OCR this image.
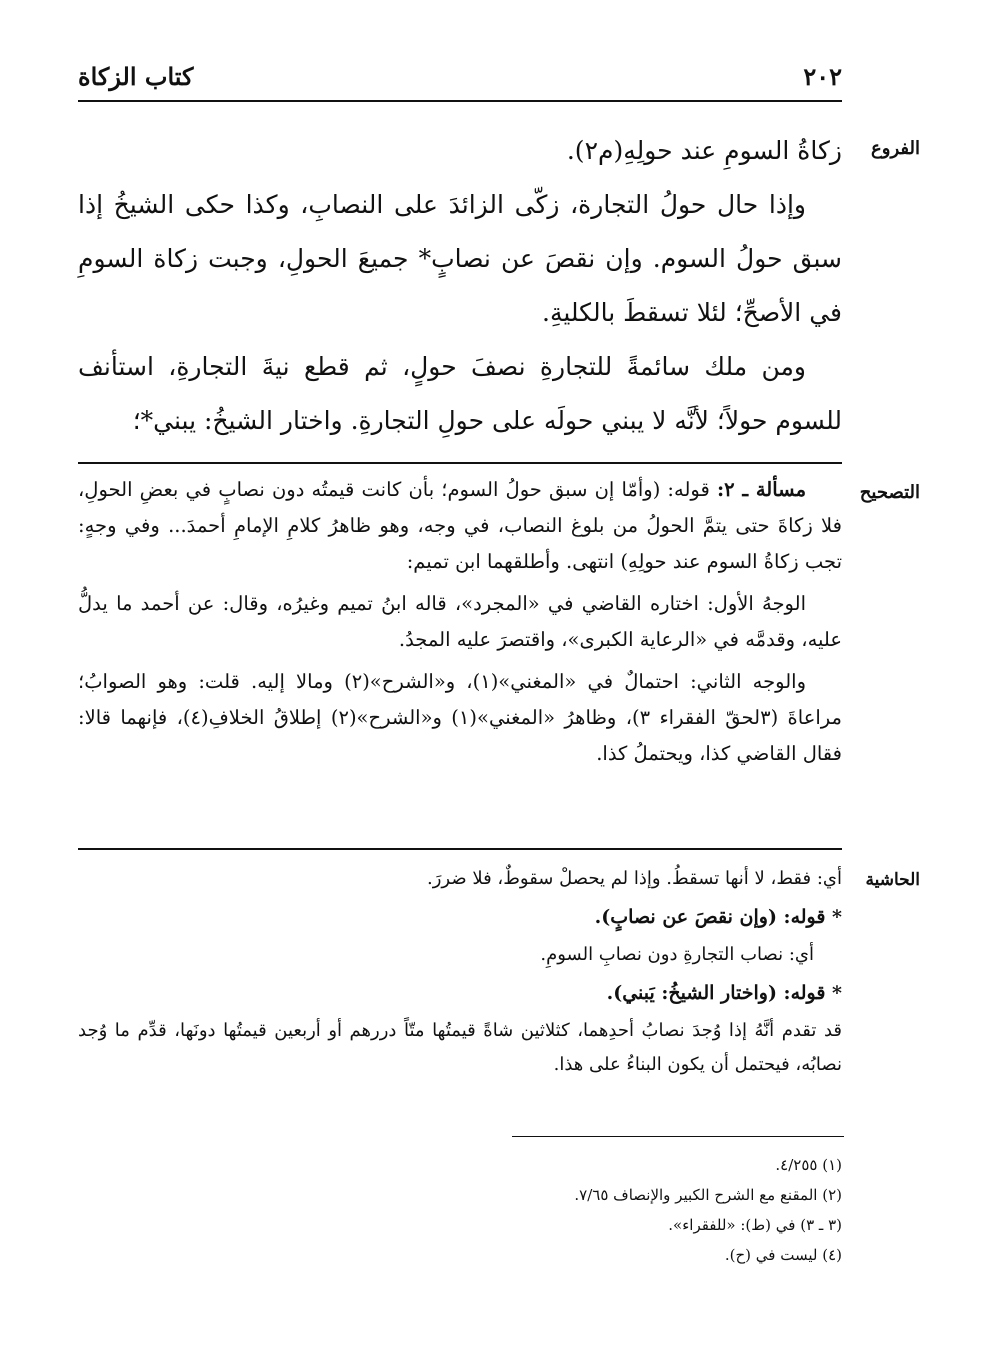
٢٠٢
كتاب الزكاة
الفروع

زكاةُ السومِ عند حولِهِ(م٢).

وإذا حال حولُ التجارة، زكّى الزائدَ على النصابِ، وكذا حكى الشيخُ إذا سبق حولُ السوم. وإن نقصَ عن نصابٍ* جميعَ الحولِ، وجبت زكاة السومِ في الأصحِّ؛ لئلا تسقطَ بالكليةِ.

ومن ملك سائمةً للتجارةِ نصفَ حولٍ، ثم قطع نيةَ التجارةِ، استأنف للسوم حولاً؛ لأنَّه لا يبني حولَه على حولِ التجارةِ. واختار الشيخُ: يبني*؛

التصحيح

مسألة ـ ٢: قوله: (وأمّا إن سبق حولُ السوم؛ بأن كانت قيمتُه دون نصابٍ في بعضِ الحولِ، فلا زكاةَ حتى يتمَّ الحولُ من بلوغ النصاب، في وجه، وهو ظاهرُ كلامِ الإمامِ أحمدَ... وفي وجهٍ: تجب زكاةُ السوم عند حولِهِ) انتهى. وأطلقهما ابن تميم:

الوجهُ الأول: اختاره القاضي في «المجرد»، قاله ابنُ تميم وغيرُه، وقال: عن أحمد ما يدلُّ عليه، وقدمَّه في «الرعاية الكبرى»، واقتصرَ عليه المجدُ.

والوجه الثاني: احتمالٌ في «المغني»(١)، و«الشرح»(٢) ومالا إليه. قلت: وهو الصوابُ؛ مراعاةَ (٣لحقّ الفقراء ٣)، وظاهرُ «المغني»(١) و«الشرح»(٢) إطلاقُ الخلافِ(٤)، فإنهما قالا: فقال القاضي كذا، ويحتملُ كذا.

الحاشية

أي: فقط، لا أنها تسقطُ. وإذا لم يحصلْ سقوطٌ، فلا ضررَ.

* قوله: (وإن نقصَ عن نصابٍ).

أي: نصاب التجارةِ دون نصابِ السومِ.

* قوله: (واختار الشيخُ: يَبني).

قد تقدم أنَّهُ إذا وُجدَ نصابُ أحدِهما، كثلاثين شاةً قيمتُها متّاً دررهم أو أربعين قيمتُها دونَها، قدِّم ما وُجد نصابُه، فيحتمل أن يكون البناءُ على هذا.

(١) ٤/٢٥٥.

(٢) المقنع مع الشرح الكبير والإنصاف ٧/٦٥.

(٣ ـ ٣) في (ط): «للفقراء».

(٤) ليست في (ح).
